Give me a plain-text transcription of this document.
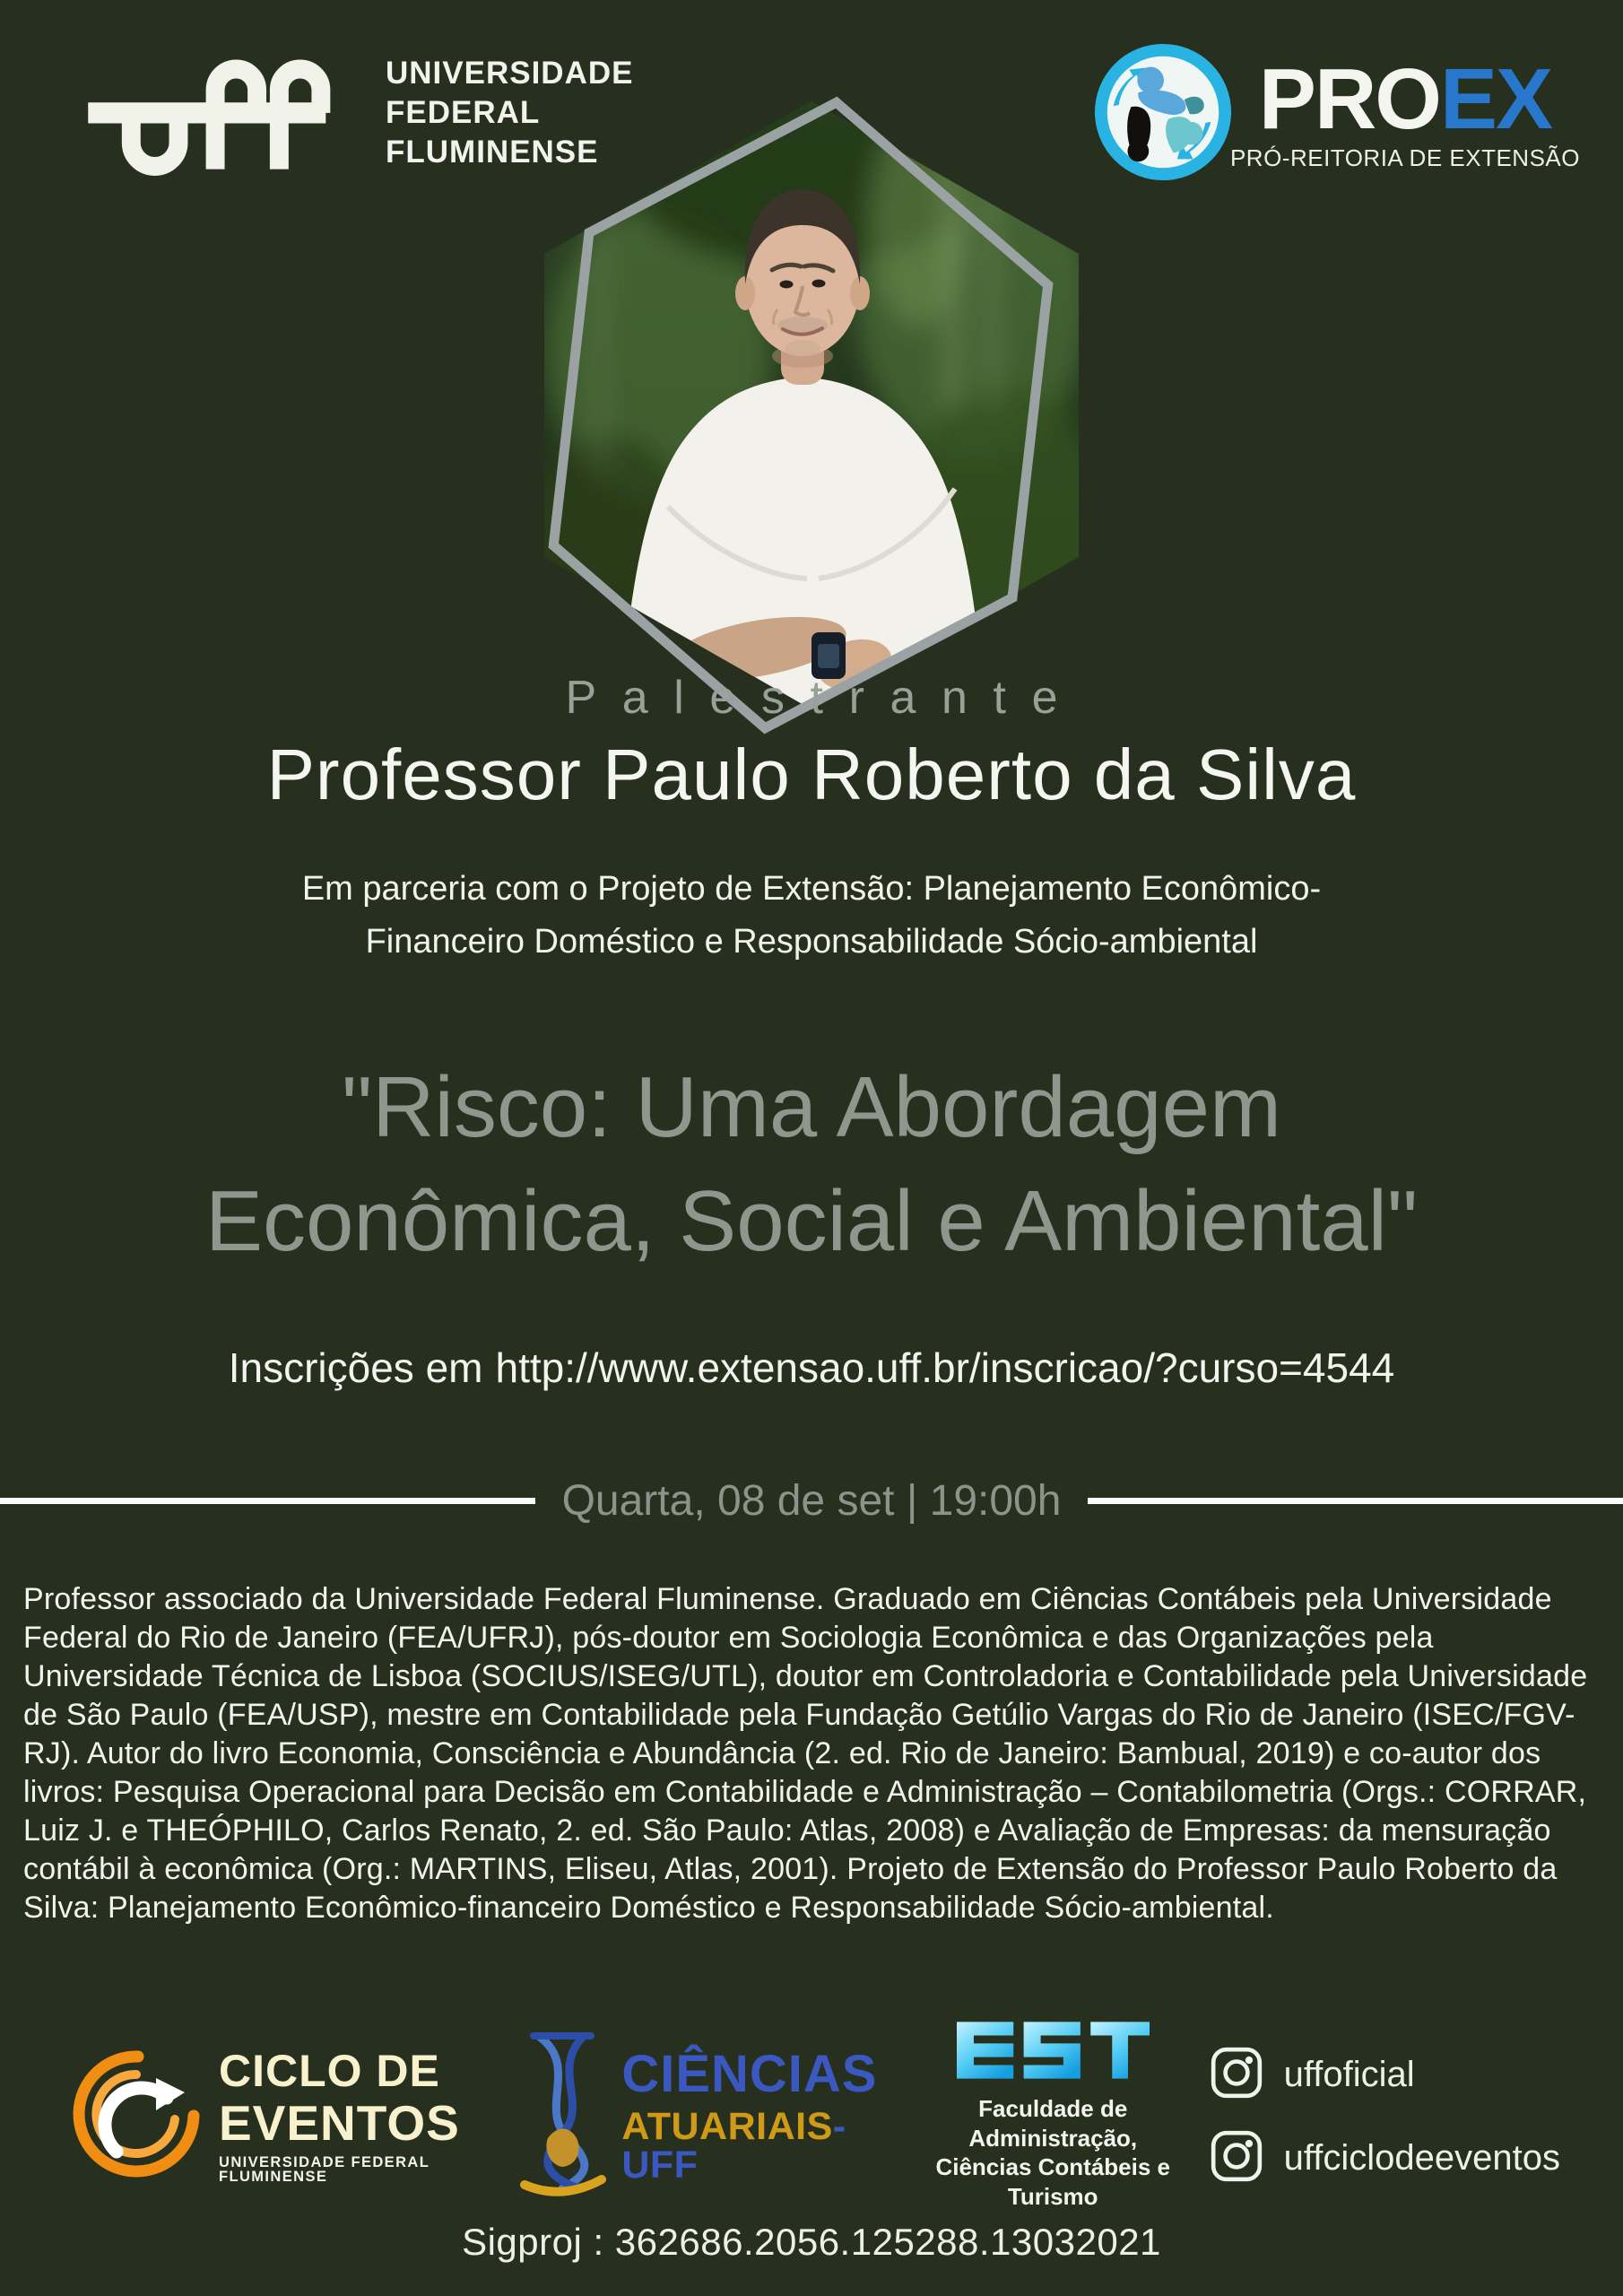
UNIVERSIDADE
FEDERAL
FLUMINENSE
PROEX
PRÓ-REITORIA DE EXTENSÃO
Palestrante
Professor Paulo Roberto da Silva

Em parceria com o Projeto de Extensão: Planejamento Econômico-Financeiro Doméstico e Responsabilidade Sócio-ambiental

"Risco: Uma Abordagem Econômica, Social e Ambiental"

Inscrições em http://www.extensao.uff.br/inscricao/?curso=4544

Quarta, 08 de set | 19:00h

Professor associado da Universidade Federal Fluminense. Graduado em Ciências Contábeis pela Universidade Federal do Rio de Janeiro (FEA/UFRJ), pós-doutor em Sociologia Econômica e das Organizações pela Universidade Técnica de Lisboa (SOCIUS/ISEG/UTL), doutor em Controladoria e Contabilidade pela Universidade de São Paulo (FEA/USP), mestre em Contabilidade pela Fundação Getúlio Vargas do Rio de Janeiro (ISEC/FGV-RJ). Autor do livro Economia, Consciência e Abundância (2. ed. Rio de Janeiro: Bambual, 2019) e co-autor dos livros: Pesquisa Operacional para Decisão em Contabilidade e Administração – Contabilometria (Orgs.: CORRAR, Luiz J. e THEÓPHILO, Carlos Renato, 2. ed. São Paulo: Atlas, 2008) e Avaliação de Empresas: da mensuração contábil à econômica (Org.: MARTINS, Eliseu, Atlas, 2001). Projeto de Extensão do Professor Paulo Roberto da Silva: Planejamento Econômico-financeiro Doméstico e Responsabilidade Sócio-ambiental.

CICLO DE
EVENTOS
UNIVERSIDADE FEDERAL FLUMINENSE
CIÊNCIAS
ATUARIAIS-UFF
Faculdade de Administração,
Ciências Contábeis e Turismo
uffoficial
uffciclodeeventos
Sigproj : 362686.2056.125288.13032021
